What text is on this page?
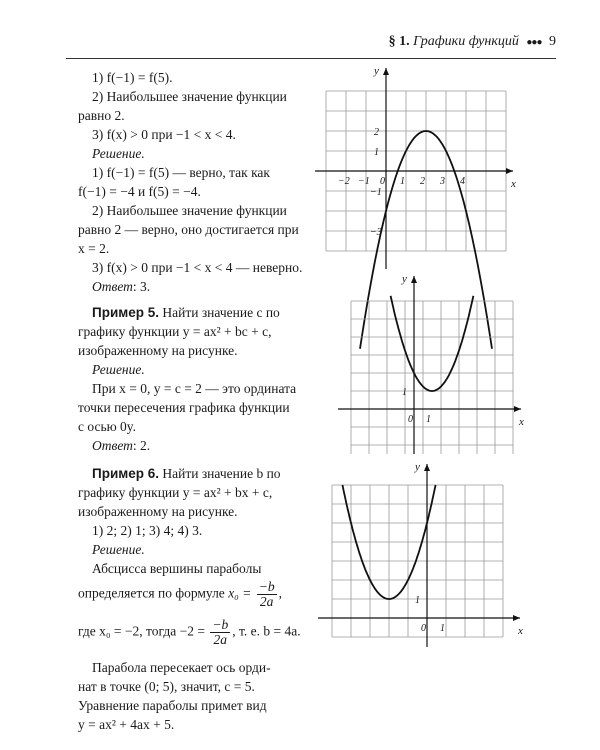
§ 1. Графики функций ●●● 9
1) f(−1) = f(5).
2) Наибольшее значение функции
равно 2.
3) f(x) > 0 при −1 < x < 4.
Решение.
1) f(−1) = f(5) — верно, так как
f(−1) = −4 и f(5) = −4.
2) Наибольшее значение функции
равно 2 — верно, оно достигается при
x = 2.
3) f(x) > 0 при −1 < x < 4 — неверно.
Ответ: 3.
Пример 5. Найти значение c по
графику функции y = ax² + bc + c,
изображенному на рисунке.
Решение.
При x = 0, y = c = 2 — это ордината
точки пересечения графика функции
с осью 0y.
Ответ: 2.
Пример 6. Найти значение b по
графику функции y = ax² + bx + c,
изображенному на рисунке.
1) 2; 2) 1; 3) 4; 4) 3.
Решение.
Абсцисса вершины параболы
определяется по формуле $x_0 = \frac{-b}{2a}$ ,
где x₀ = −2, тогда $-2 = \frac{-b}{2a}$ , т. е. b = 4a.
Парабола пересекает ось орди-
нат в точке (0; 5), значит, c = 5.
Уравнение параболы примет вид
y = ax² + 4ax + 5.
x
y
−2 −1 0 1 2 3 4
2
1
−1
−3
x
y
0 1
1
x
y
0 1
1
